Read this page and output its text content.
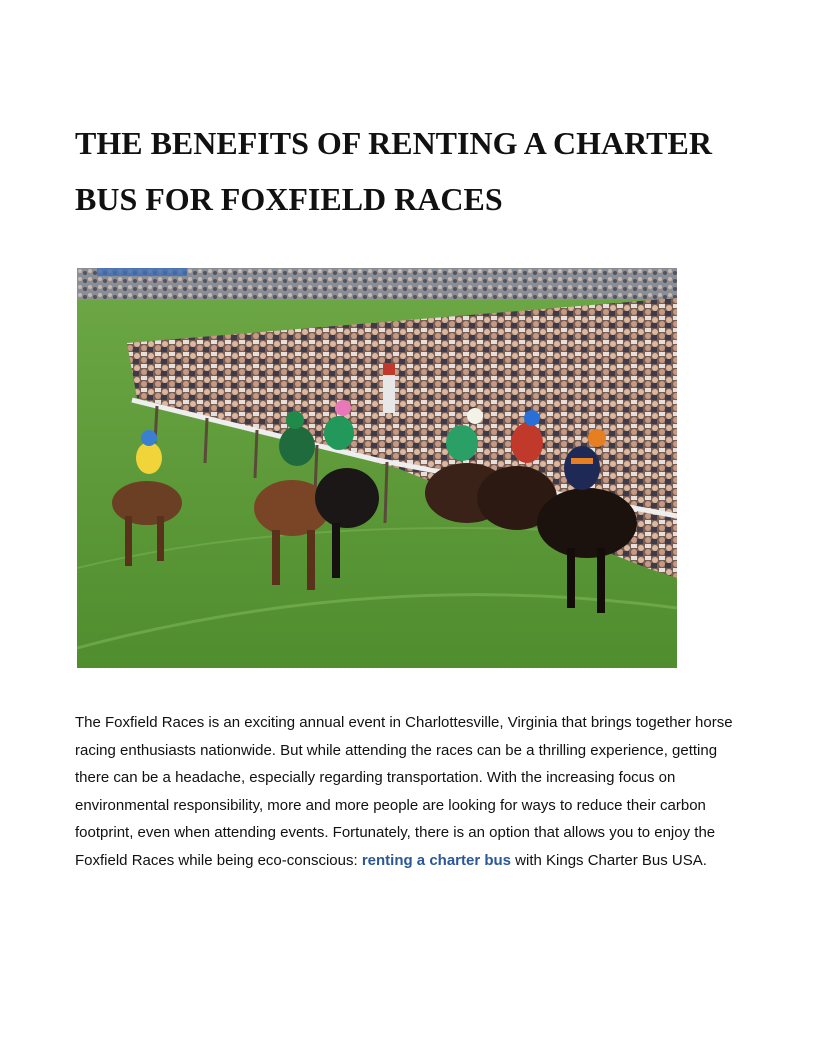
THE BENEFITS OF RENTING A CHARTER BUS FOR FOXFIELD RACES

The Foxfield Races is an exciting annual event in Charlottesville, Virginia that brings together horse racing enthusiasts nationwide. But while attending the races can be a thrilling experience, getting there can be a headache, especially regarding transportation. With the increasing focus on environmental responsibility, more and more people are looking for ways to reduce their carbon footprint, even when attending events. Fortunately, there is an option that allows you to enjoy the Foxfield Races while being eco-conscious: renting a charter bus with Kings Charter Bus USA.
